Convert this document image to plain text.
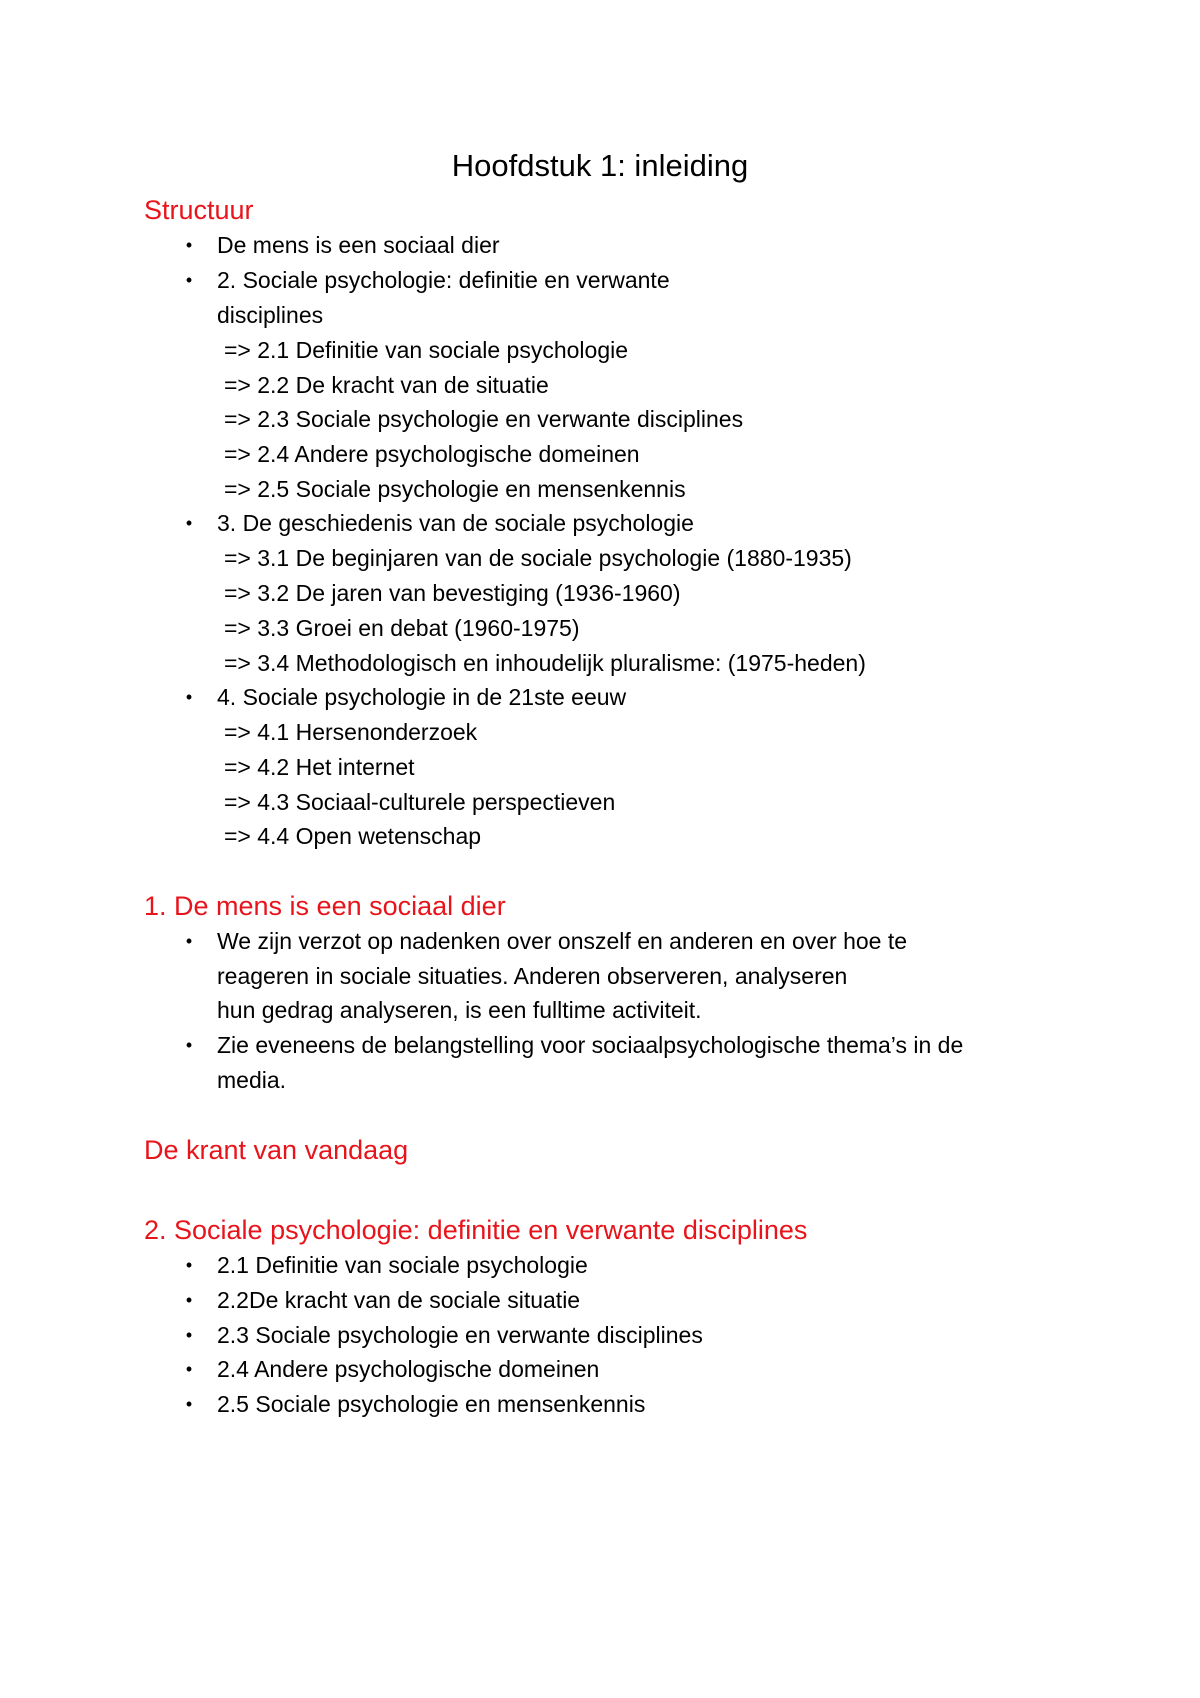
Hoofdstuk 1: inleiding
Structuur
• De mens is een sociaal dier
• 2. Sociale psychologie: definitie en verwante
disciplines
=> 2.1 Definitie van sociale psychologie
=> 2.2 De kracht van de situatie
=> 2.3 Sociale psychologie en verwante disciplines
=> 2.4 Andere psychologische domeinen
=> 2.5 Sociale psychologie en mensenkennis
• 3. De geschiedenis van de sociale psychologie
=> 3.1 De beginjaren van de sociale psychologie (1880-1935)
=> 3.2 De jaren van bevestiging (1936-1960)
=> 3.3 Groei en debat (1960-1975)
=> 3.4 Methodologisch en inhoudelijk pluralisme: (1975-heden)
• 4. Sociale psychologie in de 21ste eeuw
=> 4.1 Hersenonderzoek
=> 4.2 Het internet
=> 4.3 Sociaal-culturele perspectieven
=> 4.4 Open wetenschap
1. De mens is een sociaal dier
• We zijn verzot op nadenken over onszelf en anderen en over hoe te
reageren in sociale situaties. Anderen observeren, analyseren
hun gedrag analyseren, is een fulltime activiteit.
• Zie eveneens de belangstelling voor sociaalpsychologische thema’s in de
media.
De krant van vandaag
2. Sociale psychologie: definitie en verwante disciplines
• 2.1 Definitie van sociale psychologie
• 2.2De kracht van de sociale situatie
• 2.3 Sociale psychologie en verwante disciplines
• 2.4 Andere psychologische domeinen
• 2.5 Sociale psychologie en mensenkennis
